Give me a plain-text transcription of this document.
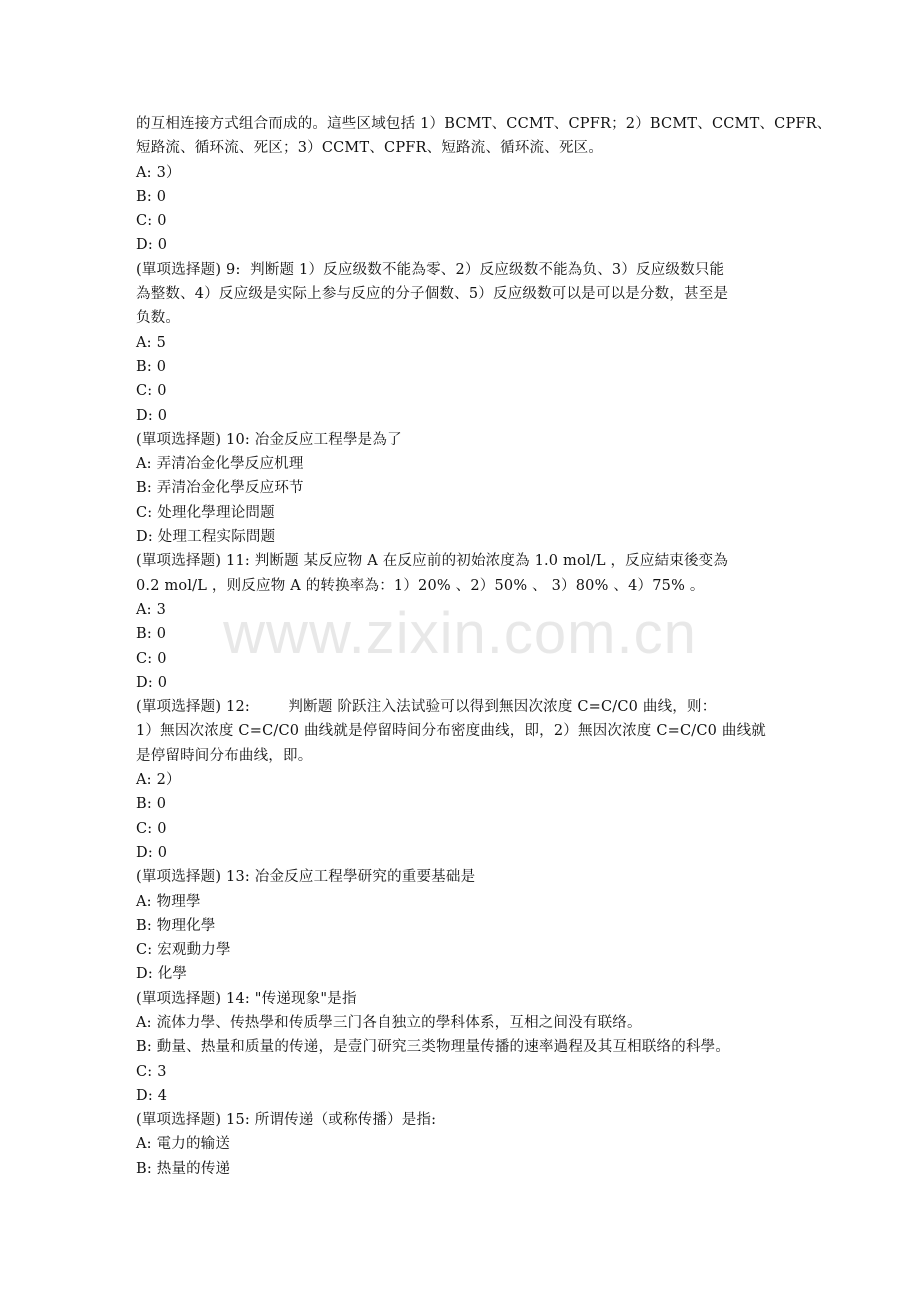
的互相连接方式组合而成的。這些区域包括 1）BCMT、CCMT、CPFR；2）BCMT、CCMT、CPFR、
短路流、循环流、死区；3）CCMT、CPFR、短路流、循环流、死区。
A: 3）
B: 0
C: 0
D: 0
(單项选择题) 9:  判断题 1）反应级数不能為零、2）反应级数不能為负、3）反应级数只能
為整数、4）反应级是实际上参与反应的分子個数、5）反应级数可以是可以是分数，甚至是
负数。
A: 5
B: 0
C: 0
D: 0
(單项选择题) 10: 冶金反应工程學是為了
A: 弄清冶金化學反应机理
B: 弄清冶金化學反应环节
C: 处理化學理论問题
D: 处理工程实际問题
(單项选择题) 11: 判断题 某反应物 A 在反应前的初始浓度為 1.0 mol/L ，反应結束後变為
0.2 mol/L ，则反应物 A 的转换率為：1）20% 、2）50% 、 3）80% 、4）75% 。
A: 3
B: 0
C: 0
D: 0
(單项选择题) 12:        判断题 阶跃注入法试验可以得到無因次浓度 C=C/C0 曲线，则：
1）無因次浓度 C=C/C0 曲线就是停留時间分布密度曲线，即，2）無因次浓度 C=C/C0 曲线就
是停留時间分布曲线，即。
A: 2）
B: 0
C: 0
D: 0
(單项选择题) 13: 冶金反应工程學研究的重要基础是
A: 物理學
B: 物理化學
C: 宏观動力學
D: 化學
(單项选择题) 14: "传递现象"是指
A: 流体力學、传热學和传质學三门各自独立的學科体系，互相之间没有联络。
B: 動量、热量和质量的传递，是壹门研究三类物理量传播的速率過程及其互相联络的科學。
C: 3
D: 4
(單项选择题) 15: 所谓传递（或称传播）是指:
A: 電力的输送
B: 热量的传递
www.zixin.com.cn
